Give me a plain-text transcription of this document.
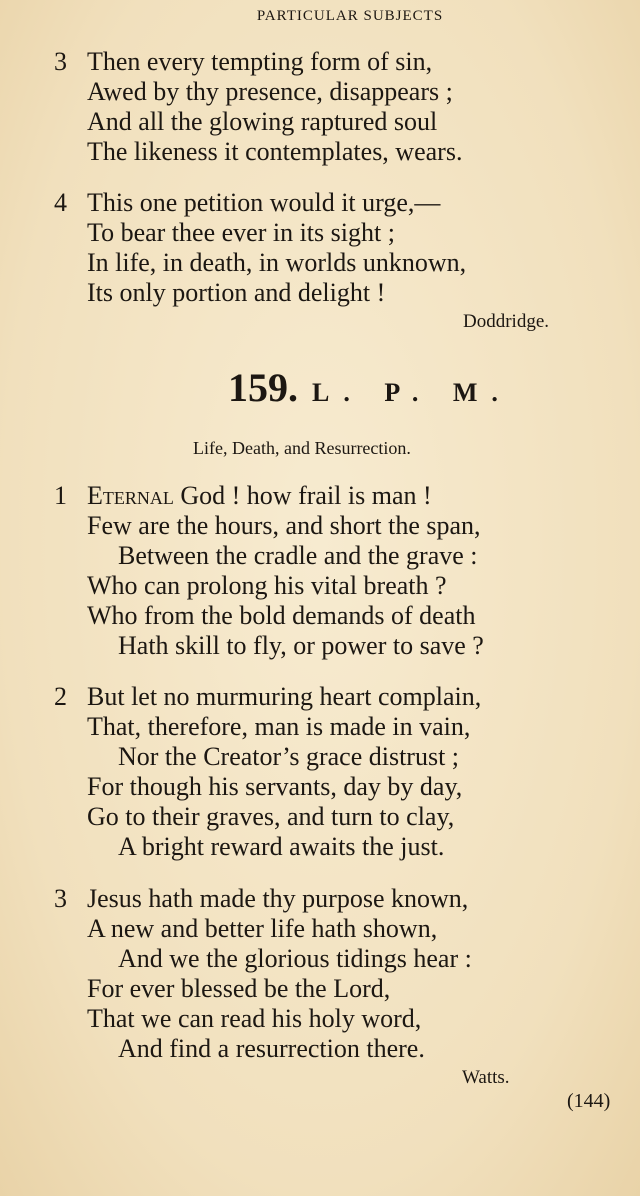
PARTICULAR SUBJECTS
3 Then every tempting form of sin,
Awed by thy presence, disappears ;
And all the glowing raptured soul
The likeness it contemplates, wears.
4 This one petition would it urge,—
To bear thee ever in its sight ;
In life, in death, in worlds unknown,
Its only portion and delight !
Doddridge.
159. L. P. M.
Life, Death, and Resurrection.
1 Eternal God ! how frail is man !
Few are the hours, and short the span,
Between the cradle and the grave :
Who can prolong his vital breath ?
Who from the bold demands of death
Hath skill to fly, or power to save ?
2 But let no murmuring heart complain,
That, therefore, man is made in vain,
Nor the Creator’s grace distrust ;
For though his servants, day by day,
Go to their graves, and turn to clay,
A bright reward awaits the just.
3 Jesus hath made thy purpose known,
A new and better life hath shown,
And we the glorious tidings hear :
For ever blessed be the Lord,
That we can read his holy word,
And find a resurrection there.
Watts.
(144)
